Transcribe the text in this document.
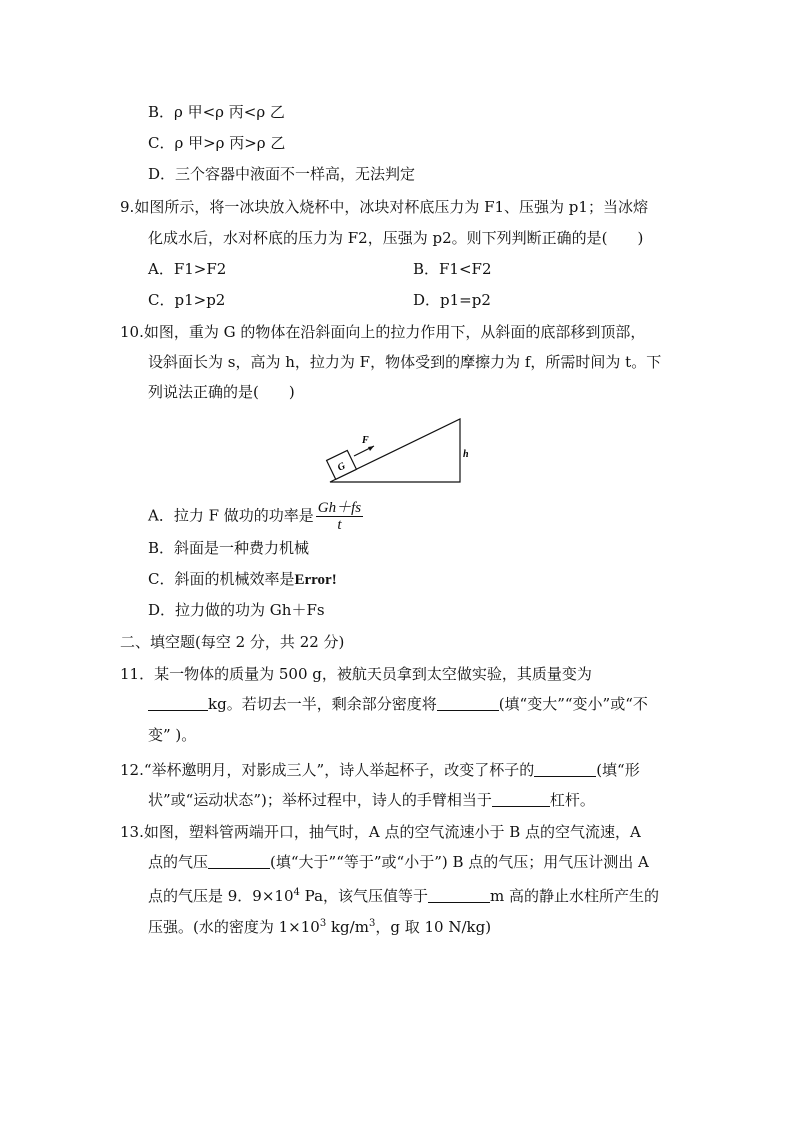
B．ρ 甲<ρ 丙<ρ 乙
C．ρ 甲>ρ 丙>ρ 乙
D．三个容器中液面不一样高，无法判定
9.如图所示，将一冰块放入烧杯中，冰块对杯底压力为 F1、压强为 p1；当冰熔
化成水后，水对杯底的压力为 F2，压强为 p2。则下列判断正确的是(　　)
A．F1>F2	B．F1<F2
C．p1>p2	D．p1=p2
10.如图，重为 G 的物体在沿斜面向上的拉力作用下，从斜面的底部移到顶部，
设斜面长为 s，高为 h，拉力为 F，物体受到的摩擦力为 f，所需时间为 t。下
列说法正确的是(　　)
G
F
h
A．拉力 F 做功的功率是 $\frac{Gh+fs}{t}$
B．斜面是一种费力机械
C．斜面的机械效率是Error!
D．拉力做的功为 Gh＋Fs
二、填空题(每空 2 分，共 22 分)
11．某一物体的质量为 500 g，被航天员拿到太空做实验，其质量变为
kg。若切去一半，剩余部分密度将	(填“变大”“变小”或“不
变” )。
12.“举杯邀明月，对影成三人”，诗人举起杯子，改变了杯子的	(填“形
状”或“运动状态”)；举杯过程中，诗人的手臂相当于	杠杆。
13.如图，塑料管两端开口，抽气时，A 点的空气流速小于 B 点的空气流速，A
点的气压	(填“大于”“等于”或“小于”) B 点的气压；用气压计测出 A
点的气压是 9．$9\times 10^4$ Pa，该气压值等于	m 高的静止水柱所产生的
压强。(水的密度为 $1\times 10^3$ $kg/m^3$，g 取 10 N/kg)
